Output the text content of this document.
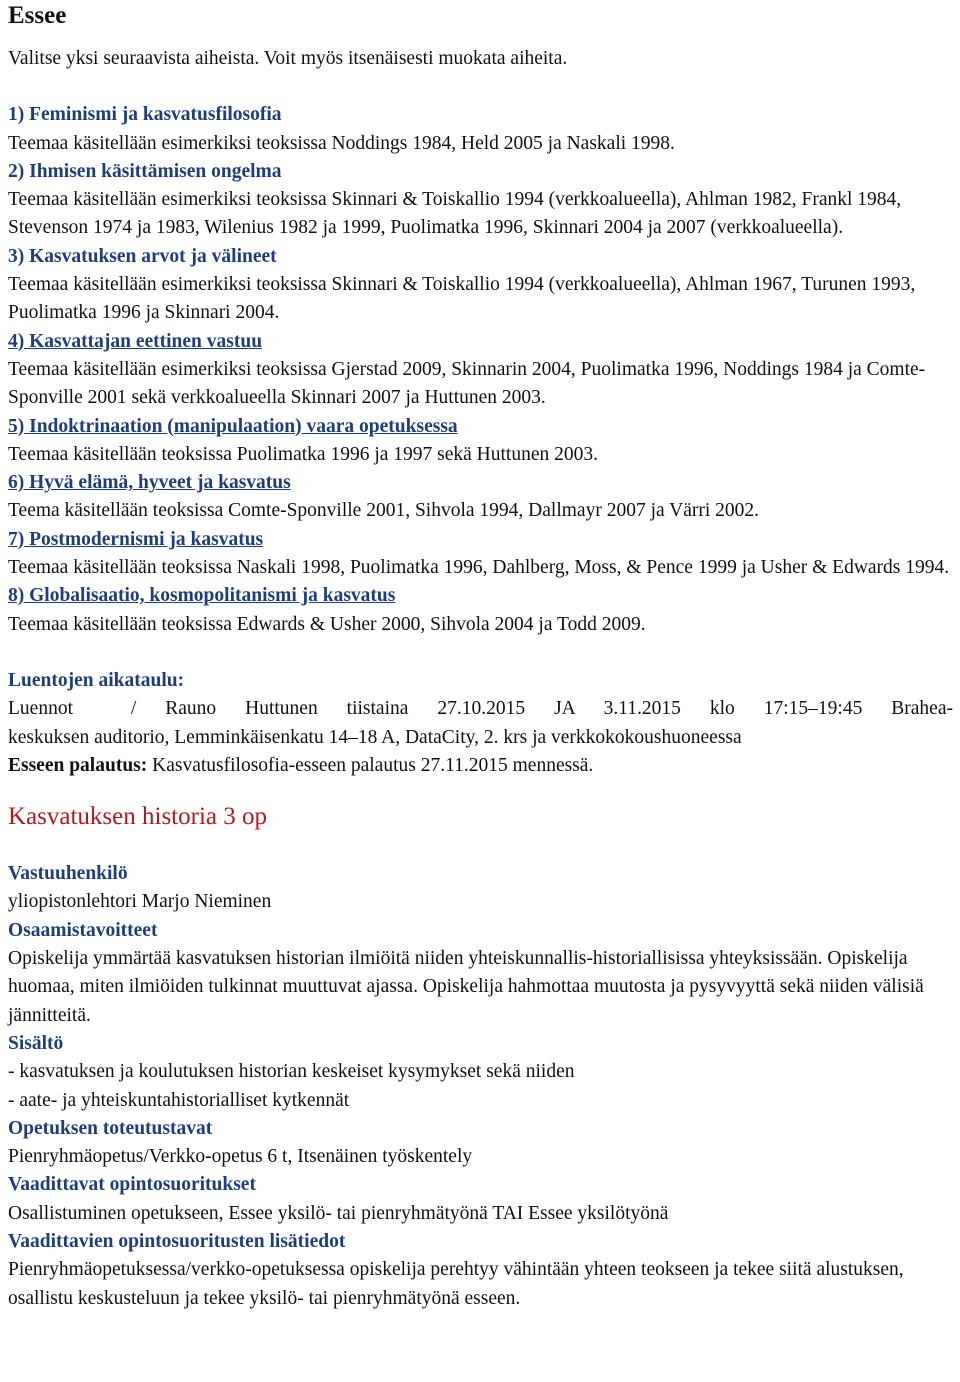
Essee

Valitse yksi seuraavista aiheista. Voit myös itsenäisesti muokata aiheita.

1) Feminismi ja kasvatusfilosofia

Teemaa käsitellään esimerkiksi teoksissa Noddings 1984, Held 2005 ja Naskali 1998.

2) Ihmisen käsittämisen ongelma

Teemaa käsitellään esimerkiksi teoksissa Skinnari & Toiskallio 1994 (verkkoalueella), Ahlman 1982, Frankl 1984, Stevenson 1974 ja 1983, Wilenius 1982 ja 1999, Puolimatka 1996, Skinnari 2004 ja 2007 (verkkoalueella).

3) Kasvatuksen arvot ja välineet

Teemaa käsitellään esimerkiksi teoksissa Skinnari & Toiskallio 1994 (verkkoalueella), Ahlman 1967, Turunen 1993, Puolimatka 1996 ja Skinnari 2004.

4) Kasvattajan eettinen vastuu

Teemaa käsitellään esimerkiksi teoksissa Gjerstad 2009, Skinnarin 2004, Puolimatka 1996, Noddings 1984 ja Comte-Sponville 2001 sekä verkkoalueella Skinnari 2007 ja Huttunen 2003.

5) Indoktrinaation (manipulaation) vaara opetuksessa

Teemaa käsitellään teoksissa Puolimatka 1996 ja 1997 sekä Huttunen 2003.

6) Hyvä elämä, hyveet ja kasvatus

Teema käsitellään teoksissa Comte-Sponville 2001, Sihvola 1994, Dallmayr 2007 ja Värri 2002.

7) Postmodernismi ja kasvatus

Teemaa käsitellään teoksissa Naskali 1998, Puolimatka 1996, Dahlberg, Moss, & Pence 1999 ja Usher & Edwards 1994.

8) Globalisaatio, kosmopolitanismi ja kasvatus

Teemaa käsitellään teoksissa Edwards & Usher 2000, Sihvola 2004 ja Todd 2009.

Luentojen aikataulu:

Luennot  / Rauno Huttunen tiistaina 27.10.2015 JA 3.11.2015 klo 17:15–19:45 Brahea-

keskuksen auditorio, Lemminkäisenkatu 14–18 A, DataCity, 2. krs ja verkkokokoushuoneessa

Esseen palautus: Kasvatusfilosofia-esseen palautus 27.11.2015 mennessä.

Kasvatuksen historia 3 op

Vastuuhenkilö

yliopistonlehtori Marjo Nieminen

Osaamistavoitteet

Opiskelija ymmärtää kasvatuksen historian ilmiöitä niiden yhteiskunnallis-historiallisissa yhteyksissään. Opiskelija huomaa, miten ilmiöiden tulkinnat muuttuvat ajassa. Opiskelija hahmottaa muutosta ja pysyvyyttä sekä niiden välisiä jännitteitä.

Sisältö

- kasvatuksen ja koulutuksen historian keskeiset kysymykset sekä niiden

- aate- ja yhteiskuntahistorialliset kytkennät

Opetuksen toteutustavat

Pienryhmäopetus/Verkko-opetus 6 t, Itsenäinen työskentely

Vaadittavat opintosuoritukset

Osallistuminen opetukseen, Essee yksilö- tai pienryhmätyönä TAI Essee yksilötyönä

Vaadittavien opintosuoritusten lisätiedot

Pienryhmäopetuksessa/verkko-opetuksessa opiskelija perehtyy vähintään yhteen teokseen ja tekee siitä alustuksen, osallistu keskusteluun ja tekee yksilö- tai pienryhmätyönä esseen.
